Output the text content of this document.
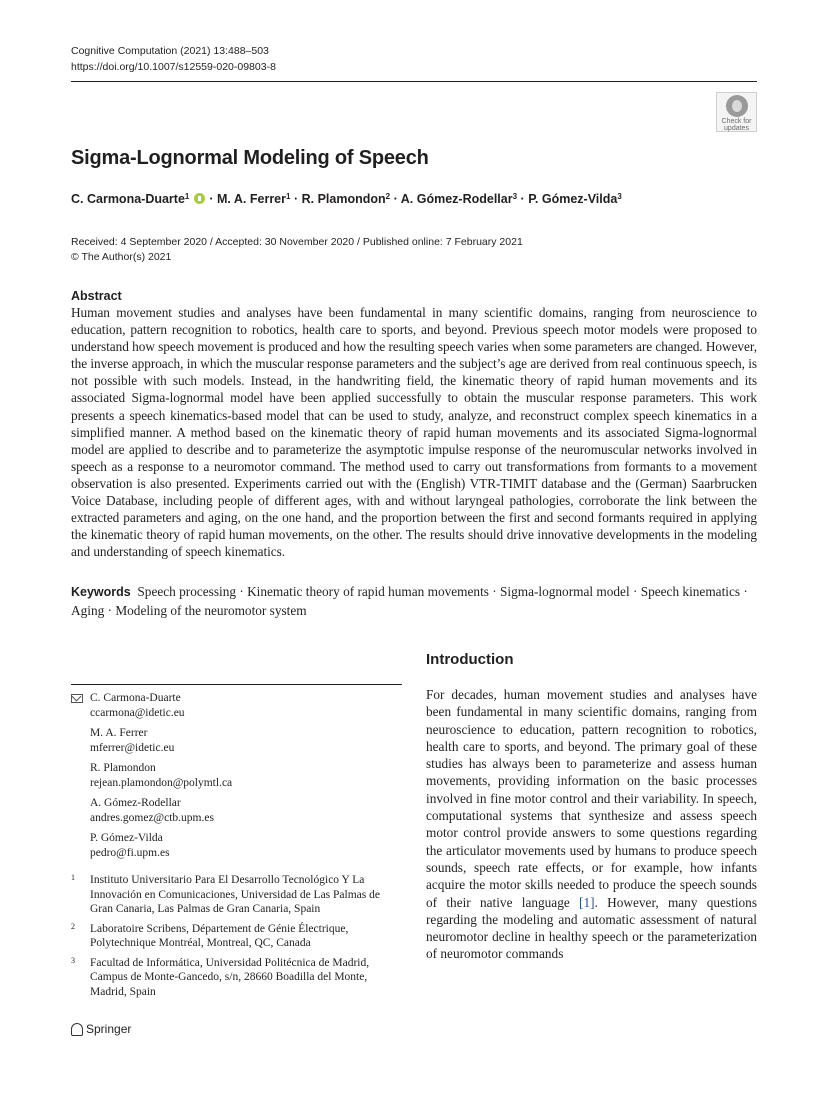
Cognitive Computation (2021) 13:488–503
https://doi.org/10.1007/s12559-020-09803-8
Check for
updates
Sigma-Lognormal Modeling of Speech
C. Carmona-Duarte$^1$ · M. A. Ferrer$^1$ · R. Plamondon$^2$ · A. Gómez-Rodellar$^3$ · P. Gómez-Vilda$^3$
Received: 4 September 2020 / Accepted: 30 November 2020 / Published online: 7 February 2021
© The Author(s) 2021
Abstract

Human movement studies and analyses have been fundamental in many scientific domains, ranging from neuroscience to education, pattern recognition to robotics, health care to sports, and beyond. Previous speech motor models were proposed to understand how speech movement is produced and how the resulting speech varies when some parameters are changed. However, the inverse approach, in which the muscular response parameters and the subject’s age are derived from real continuous speech, is not possible with such models. Instead, in the handwriting field, the kinematic theory of rapid human movements and its associated Sigma-lognormal model have been applied successfully to obtain the muscular response parameters. This work presents a speech kinematics-based model that can be used to study, analyze, and reconstruct complex speech kinematics in a simplified manner. A method based on the kinematic theory of rapid human movements and its associated Sigma-lognormal model are applied to describe and to parameterize the asymptotic impulse response of the neuromuscular networks involved in speech as a response to a neuromotor command. The method used to carry out transformations from formants to a movement observation is also presented. Experiments carried out with the (English) VTR-TIMIT database and the (German) Saarbrucken Voice Database, including people of different ages, with and without laryngeal pathologies, corroborate the link between the extracted parameters and aging, on the one hand, and the proportion between the first and second formants required in applying the kinematic theory of rapid human movements, on the other. The results should drive innovative developments in the modeling and understanding of speech kinematics.

Keywords Speech processing · Kinematic theory of rapid human movements · Sigma-lognormal model · Speech kinematics · Aging · Modeling of the neuromotor system
C. Carmona-Duarte
ccarmona@idetic.eu
M. A. Ferrer
mferrer@idetic.eu
R. Plamondon
rejean.plamondon@polymtl.ca
A. Gómez-Rodellar
andres.gomez@ctb.upm.es
P. Gómez-Vilda
pedro@fi.upm.es
1 Instituto Universitario Para El Desarrollo Tecnológico Y La Innovación en Comunicaciones, Universidad de Las Palmas de Gran Canaria, Las Palmas de Gran Canaria, Spain
2 Laboratoire Scribens, Département de Génie Électrique, Polytechnique Montréal, Montreal, QC, Canada
3 Facultad de Informática, Universidad Politécnica de Madrid, Campus de Monte-Gancedo, s/n, 28660 Boadilla del Monte, Madrid, Spain
Springer
Introduction

For decades, human movement studies and analyses have been fundamental in many scientific domains, ranging from neuroscience to education, pattern recognition to robotics, health care to sports, and beyond. The primary goal of these studies has always been to parameterize and assess human movements, providing information on the basic processes involved in fine motor control and their variability. In speech, computational systems that synthesize and assess speech motor control provide answers to some questions regarding the articulator movements used by humans to produce speech sounds, speech rate effects, or for example, how infants acquire the motor skills needed to produce the speech sounds of their native language [1]. However, many questions regarding the modeling and automatic assessment of natural neuromotor decline in healthy speech or the parameterization of neuromotor commands
